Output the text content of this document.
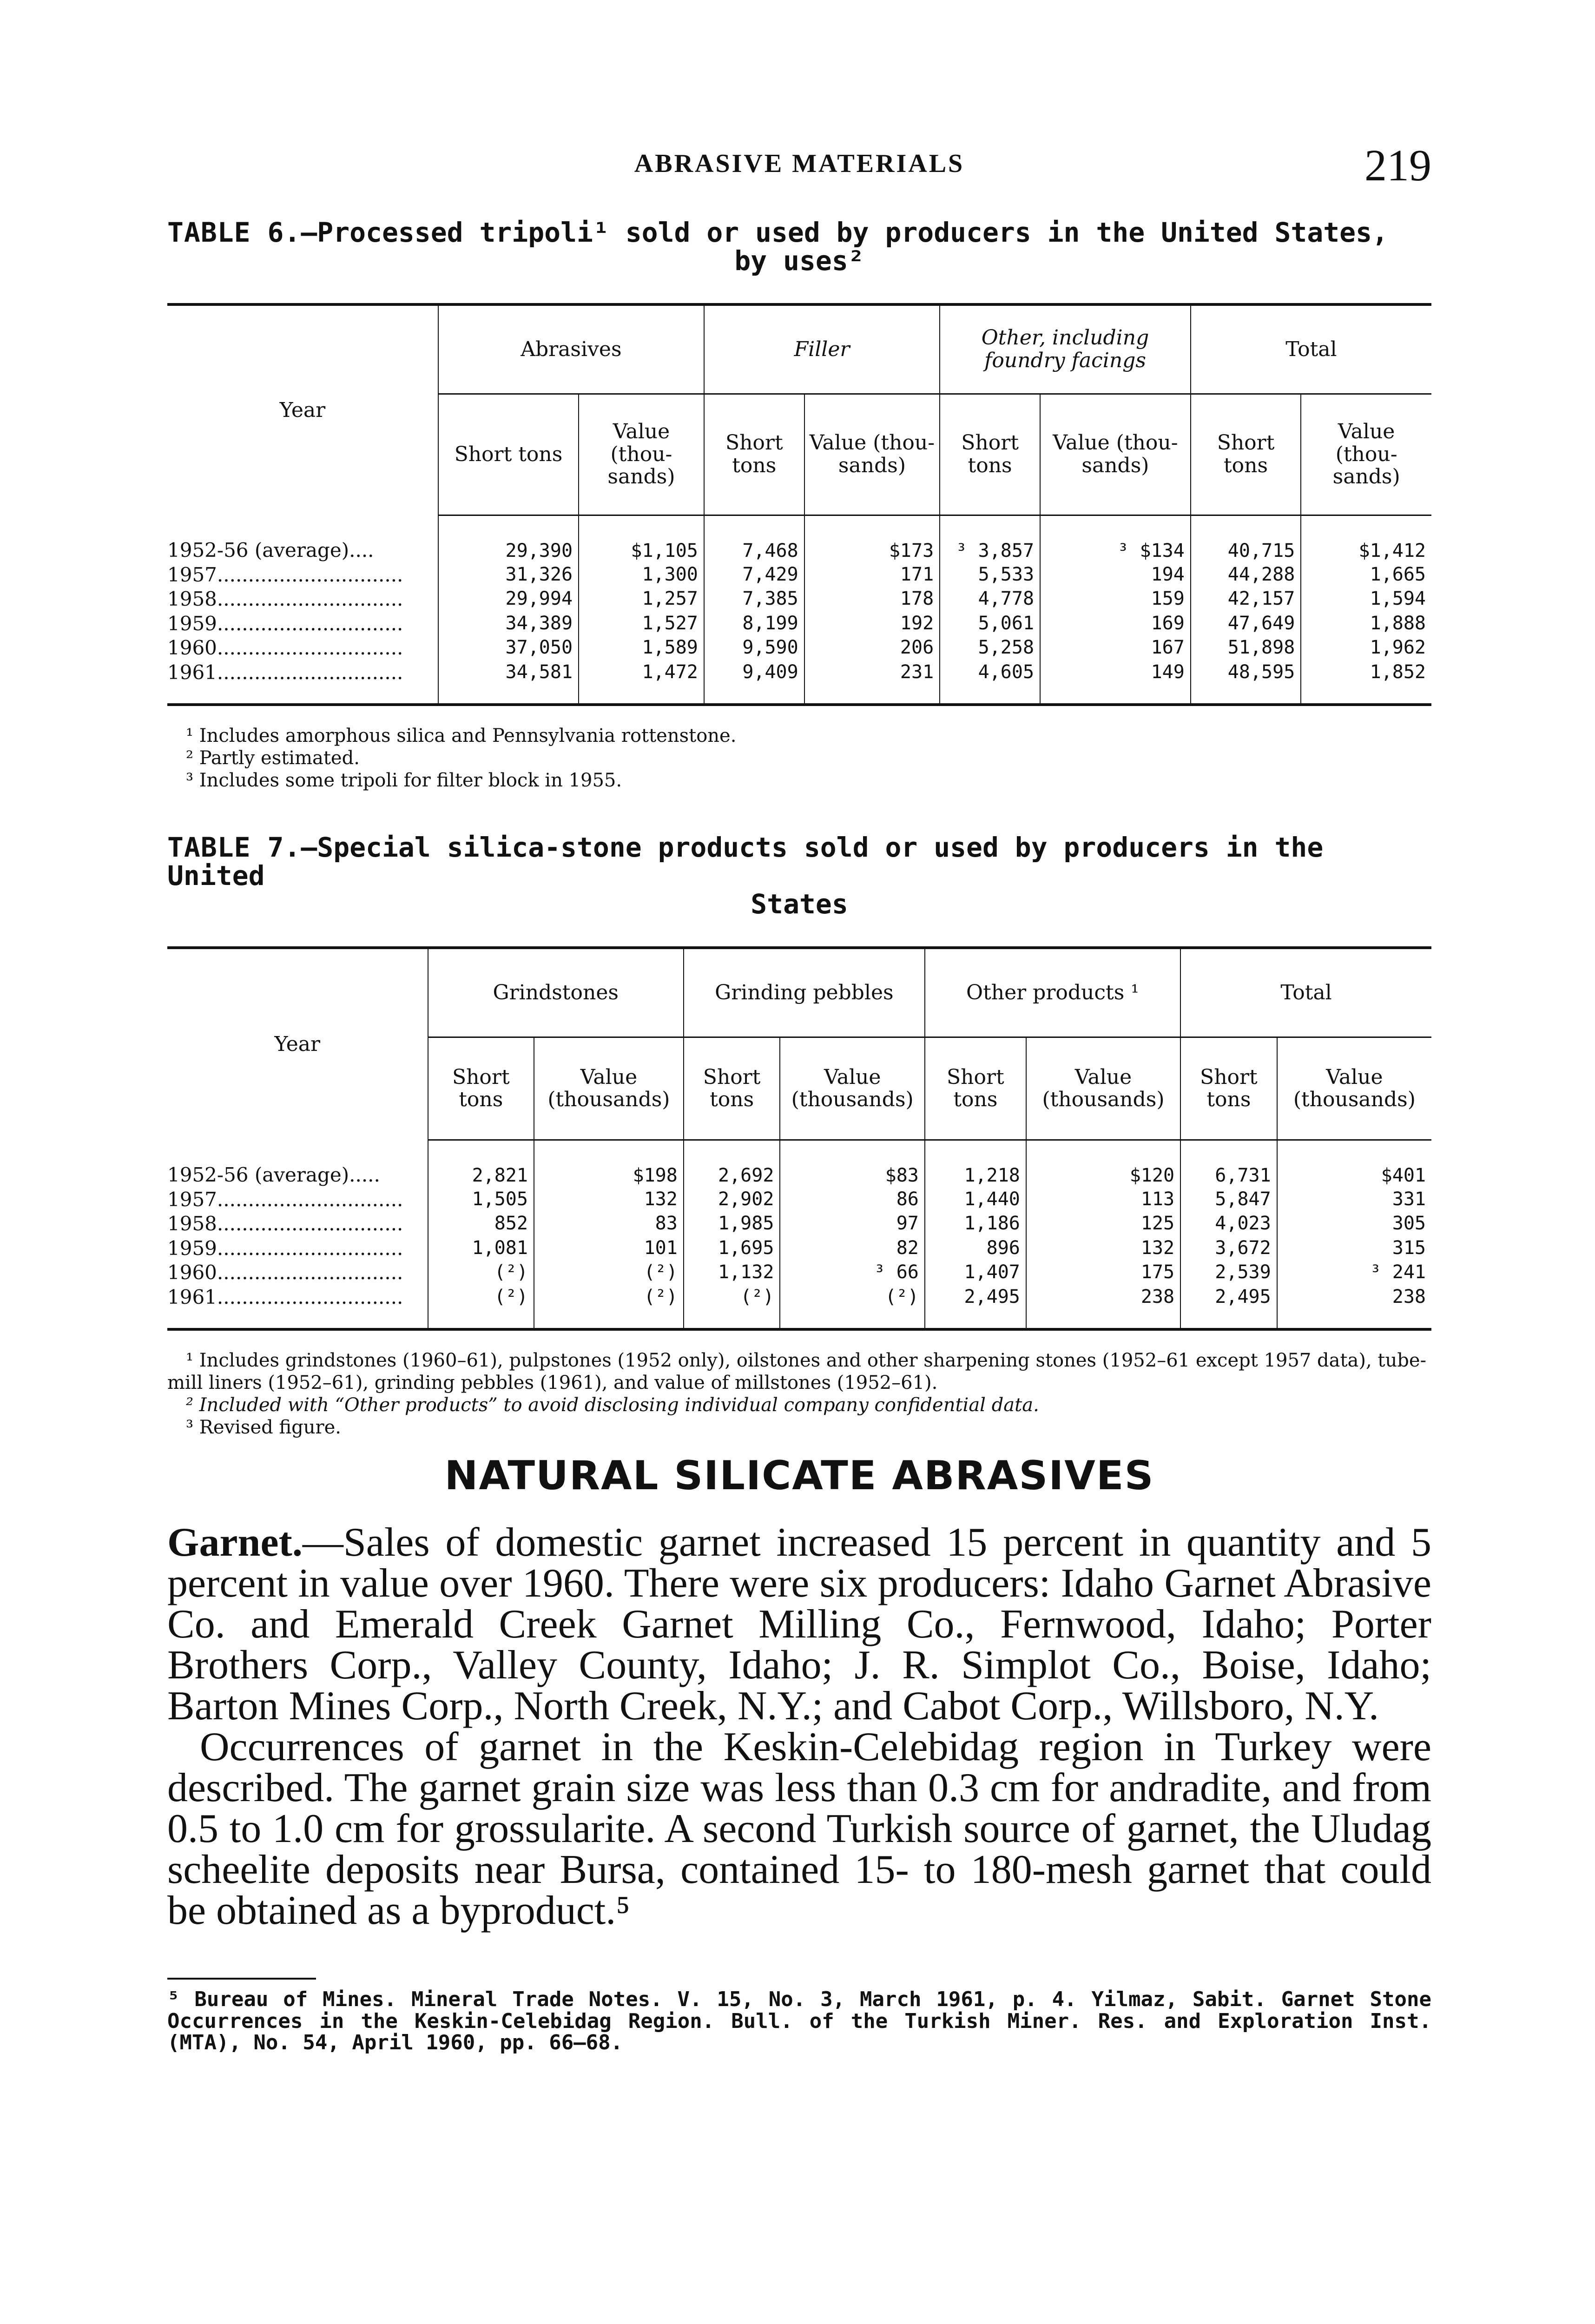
ABRASIVE MATERIALS	219
TABLE 6.—Processed tripoli¹ sold or used by producers in the United States,
by uses²
Year	Abrasives		Filler		Other, including foundry facings		Total	
	Short tons	Value (thou- sands)	Short tons	Value (thou- sands)	Short tons	Value (thou- sands)	Short tons	Value (thou- sands)
1952-56 (average)....	29,390	$1,105	7,468	$173	³ 3,857	³ $134	40,715	$1,412
1957..............................	31,326	1,300	7,429	171	5,533	194	44,288	1,665
1958..............................	29,994	1,257	7,385	178	4,778	159	42,157	1,594
1959..............................	34,389	1,527	8,199	192	5,061	169	47,649	1,888
1960..............................	37,050	1,589	9,590	206	5,258	167	51,898	1,962
1961..............................	34,581	1,472	9,409	231	4,605	149	48,595	1,852
¹ Includes amorphous silica and Pennsylvania rottenstone.
² Partly estimated.
³ Includes some tripoli for filter block in 1955.
TABLE 7.—Special silica-stone products sold or used by producers in the United
States
Year	Grindstones		Grinding pebbles		Other products ¹		Total	
	Short tons	Value (thousands)	Short tons	Value (thousands)	Short tons	Value (thousands)	Short tons	Value (thousands)
1952-56 (average).....	2,821	$198	2,692	$83	1,218	$120	6,731	$401
1957..............................	1,505	132	2,902	86	1,440	113	5,847	331
1958..............................	852	83	1,985	97	1,186	125	4,023	305
1959..............................	1,081	101	1,695	82	896	132	3,672	315
1960..............................	(²)	(²)	1,132	³ 66	1,407	175	2,539	³ 241
1961..............................	(²)	(²)	(²)	(²)	2,495	238	2,495	238
¹ Includes grindstones (1960–61), pulpstones (1952 only), oilstones and other sharpening stones (1952–61 except 1957 data), tube-mill liners (1952–61), grinding pebbles (1961), and value of millstones (1952–61).
² Included with “Other products” to avoid disclosing individual company confidential data.
³ Revised figure.
NATURAL SILICATE ABRASIVES

Garnet.—Sales of domestic garnet increased 15 percent in quantity and 5 percent in value over 1960. There were six producers: Idaho Garnet Abrasive Co. and Emerald Creek Garnet Milling Co., Fernwood, Idaho; Porter Brothers Corp., Valley County, Idaho; J. R. Simplot Co., Boise, Idaho; Barton Mines Corp., North Creek, N.Y.; and Cabot Corp., Willsboro, N.Y.

Occurrences of garnet in the Keskin-Celebidag region in Turkey were described. The garnet grain size was less than 0.3 cm for andradite, and from 0.5 to 1.0 cm for grossularite. A second Turkish source of garnet, the Uludag scheelite deposits near Bursa, contained 15- to 180-mesh garnet that could be obtained as a byproduct.⁵

⁵ Bureau of Mines. Mineral Trade Notes. V. 15, No. 3, March 1961, p. 4. Yilmaz, Sabit. Garnet Stone Occurrences in the Keskin-Celebidag Region. Bull. of the Turkish Miner. Res. and Exploration Inst. (MTA), No. 54, April 1960, pp. 66–68.
